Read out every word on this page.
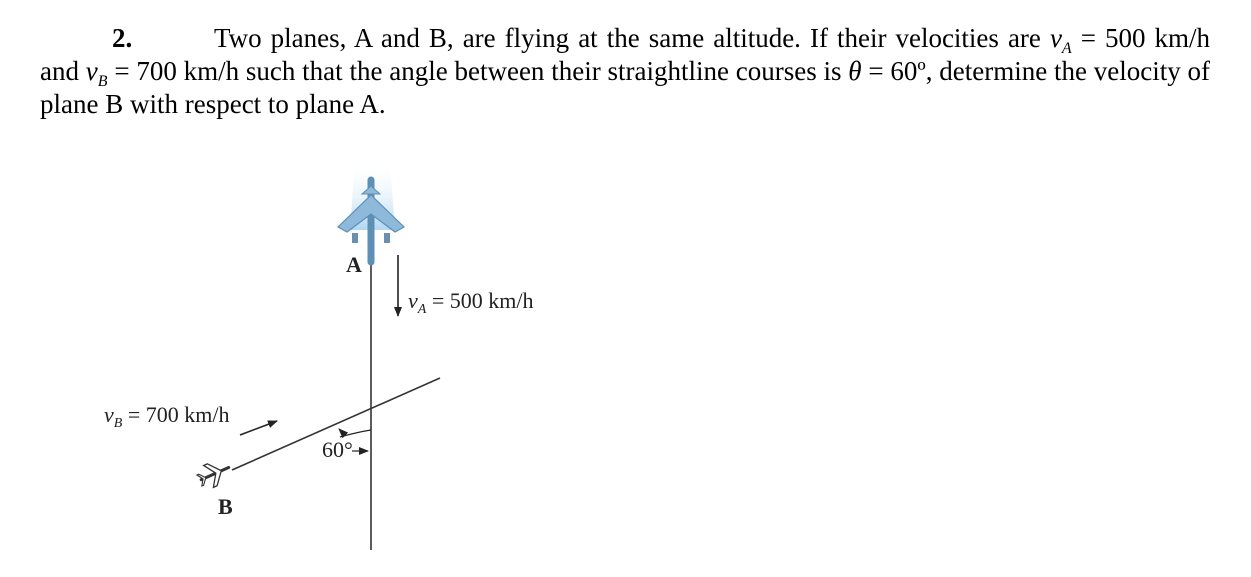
2.	Two planes, A and B, are flying at the same altitude. If their velocities are $v_A = 500$ km/h and $v_B = 700$ km/h such that the angle between their straightline courses is θ = 60º, determine the velocity of plane B with respect to plane A.
A
vA = 500 km/h
B
vB = 700 km/h
60°
